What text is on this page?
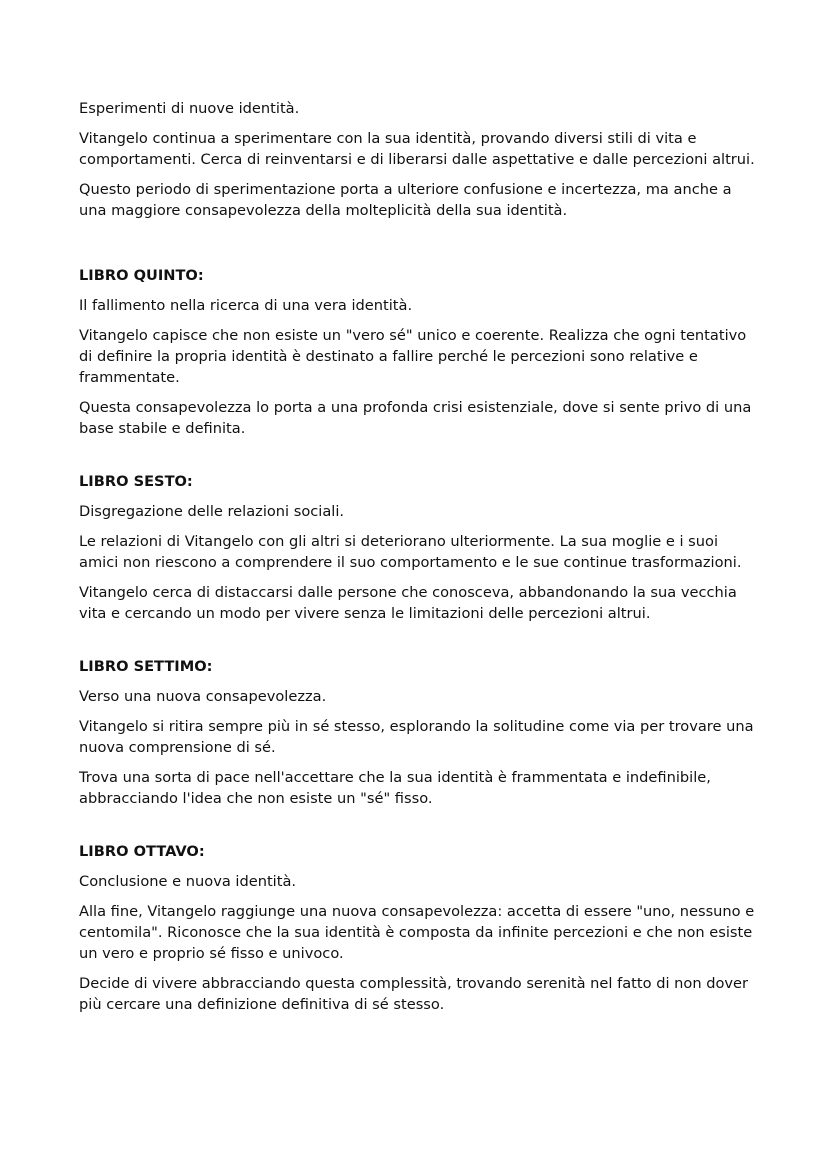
Esperimenti di nuove identità.

Vitangelo continua a sperimentare con la sua identità, provando diversi stili di vita e comportamenti. Cerca di reinventarsi e di liberarsi dalle aspettative e dalle percezioni altrui.

Questo periodo di sperimentazione porta a ulteriore confusione e incertezza, ma anche a una maggiore consapevolezza della molteplicità della sua identità.

LIBRO QUINTO:

Il fallimento nella ricerca di una vera identità.

Vitangelo capisce che non esiste un "vero sé" unico e coerente. Realizza che ogni tentativo di definire la propria identità è destinato a fallire perché le percezioni sono relative e frammentate.

Questa consapevolezza lo porta a una profonda crisi esistenziale, dove si sente privo di una base stabile e definita.

LIBRO SESTO:

Disgregazione delle relazioni sociali.

Le relazioni di Vitangelo con gli altri si deteriorano ulteriormente. La sua moglie e i suoi amici non riescono a comprendere il suo comportamento e le sue continue trasformazioni.

Vitangelo cerca di distaccarsi dalle persone che conosceva, abbandonando la sua vecchia vita e cercando un modo per vivere senza le limitazioni delle percezioni altrui.

LIBRO SETTIMO:

Verso una nuova consapevolezza.

Vitangelo si ritira sempre più in sé stesso, esplorando la solitudine come via per trovare una nuova comprensione di sé.

Trova una sorta di pace nell'accettare che la sua identità è frammentata e indefinibile, abbracciando l'idea che non esiste un "sé" fisso.

LIBRO OTTAVO:

Conclusione e nuova identità.

Alla fine, Vitangelo raggiunge una nuova consapevolezza: accetta di essere "uno, nessuno e centomila". Riconosce che la sua identità è composta da infinite percezioni e che non esiste un vero e proprio sé fisso e univoco.

Decide di vivere abbracciando questa complessità, trovando serenità nel fatto di non dover più cercare una definizione definitiva di sé stesso.
